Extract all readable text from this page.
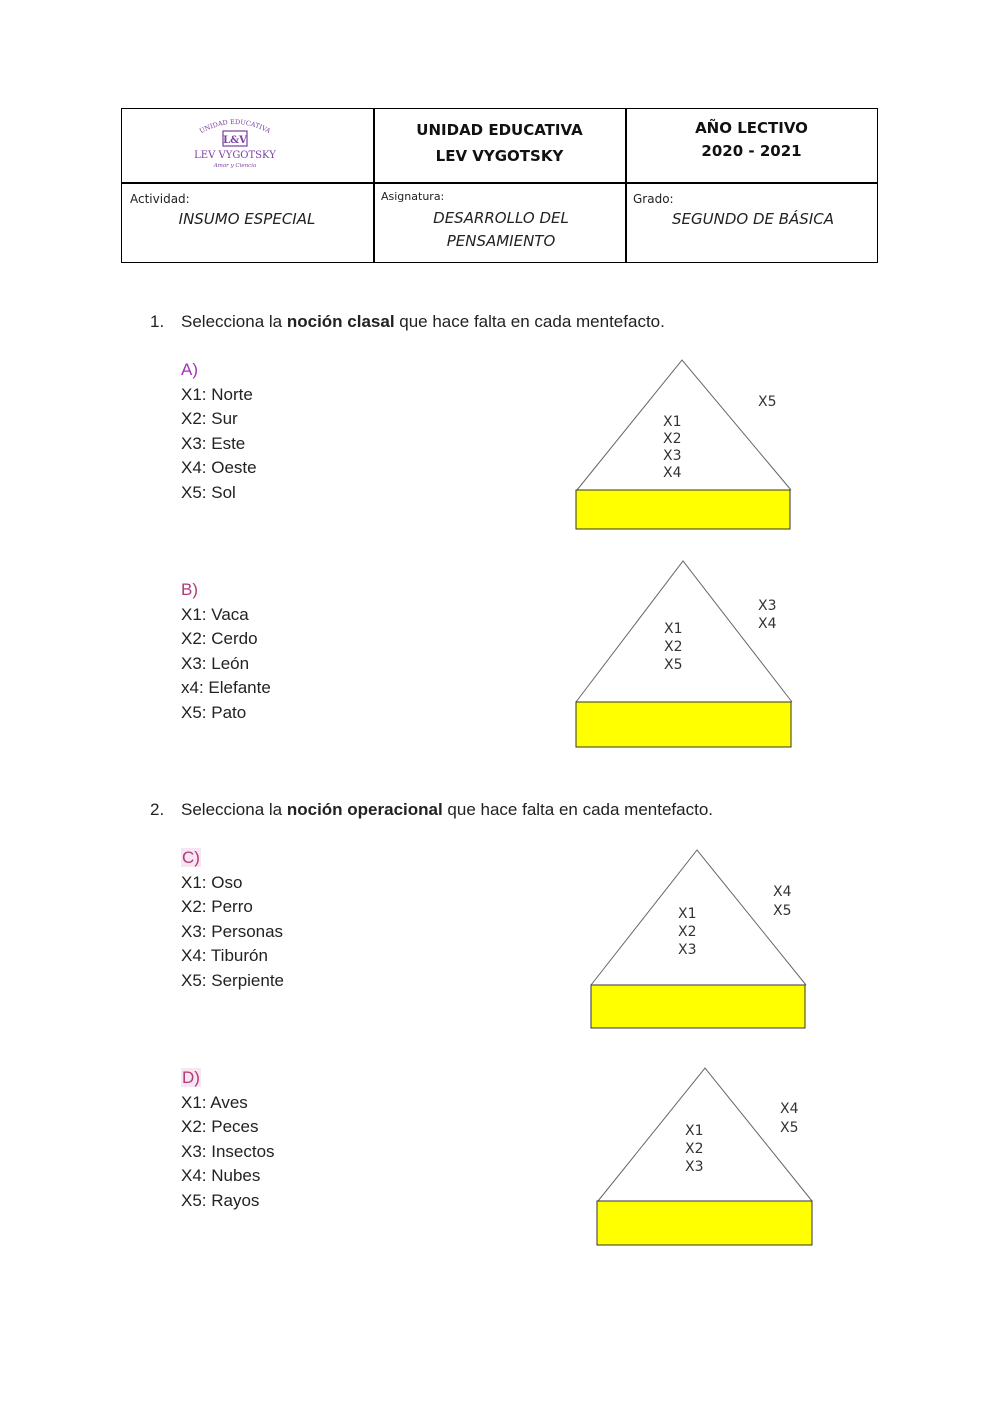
UNIDAD EDUCATIVA
L&V
LEV VYGOTSKY
Amor y Ciencia
UNIDAD EDUCATIVA
LEV VYGOTSKY
AÑO LECTIVO
2020 - 2021
Actividad:
INSUMO ESPECIAL
Asignatura:
DESARROLLO DEL
PENSAMIENTO
Grado:
SEGUNDO DE BÁSICA
1. Selecciona la noción clasal que hace falta en cada mentefacto.
A)
X1: Norte
X2: Sur
X3: Este
X4: Oeste
X5: Sol
X1
X2
X3
X4
X5
B)
X1: Vaca
X2: Cerdo
X3: León
x4: Elefante
X5: Pato
X1
X2
X5
X3
X4
2. Selecciona la noción operacional que hace falta en cada mentefacto.
C)
X1: Oso
X2: Perro
X3: Personas
X4: Tiburón
X5: Serpiente
X1
X2
X3
X4
X5
D)
X1: Aves
X2: Peces
X3: Insectos
X4: Nubes
X5: Rayos
X1
X2
X3
X4
X5
